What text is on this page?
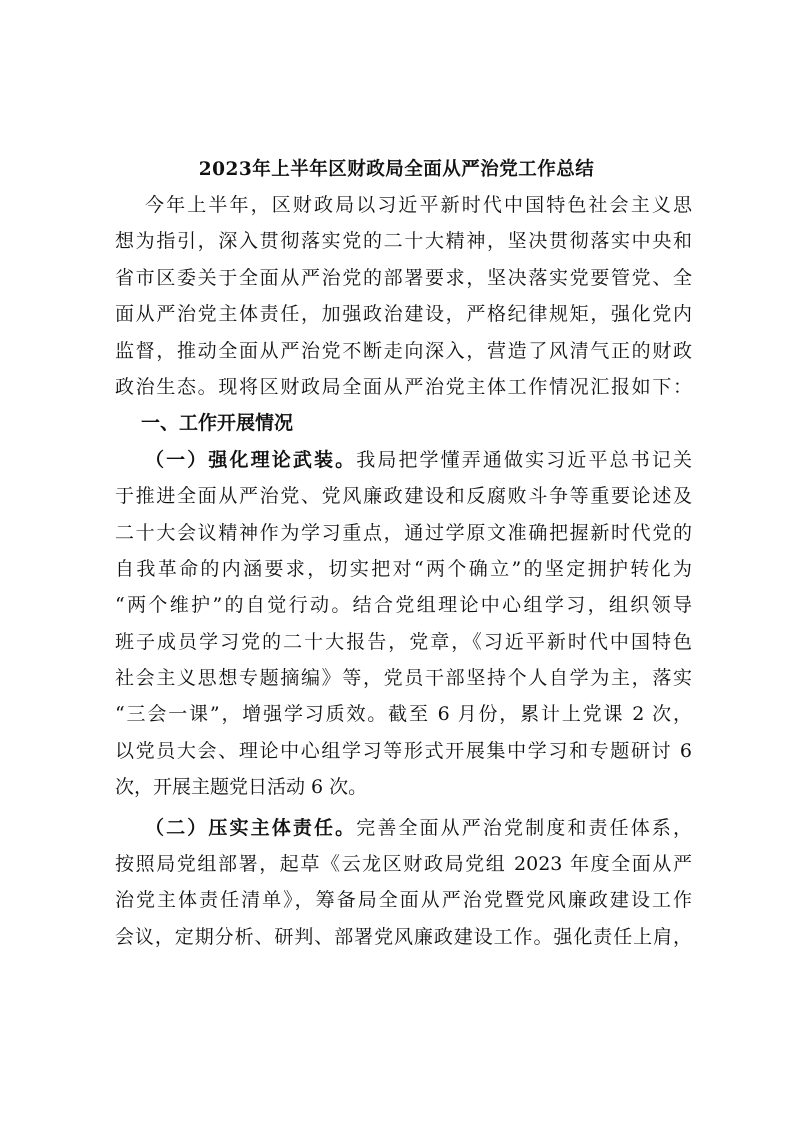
2023年上半年区财政局全面从严治党工作总结
今年上半年，区财政局以习近平新时代中国特色社会主义思
想为指引，深入贯彻落实党的二十大精神，坚决贯彻落实中央和
省市区委关于全面从严治党的部署要求，坚决落实党要管党、全
面从严治党主体责任，加强政治建设，严格纪律规矩，强化党内
监督，推动全面从严治党不断走向深入，营造了风清气正的财政
政治生态。现将区财政局全面从严治党主体工作情况汇报如下：
一、工作开展情况
（一）强化理论武装。我局把学懂弄通做实习近平总书记关
于推进全面从严治党、党风廉政建设和反腐败斗争等重要论述及
二十大会议精神作为学习重点，通过学原文准确把握新时代党的
自我革命的内涵要求，切实把对“两个确立”的坚定拥护转化为
“两个维护”的自觉行动。结合党组理论中心组学习，组织领导
班子成员学习党的二十大报告，党章，《习近平新时代中国特色
社会主义思想专题摘编》等，党员干部坚持个人自学为主，落实
“三会一课”，增强学习质效。截至 6 月份，累计上党课 2 次，
以党员大会、理论中心组学习等形式开展集中学习和专题研讨 6
次，开展主题党日活动 6 次。
（二）压实主体责任。完善全面从严治党制度和责任体系，
按照局党组部署，起草《云龙区财政局党组 2023 年度全面从严
治党主体责任清单》，筹备局全面从严治党暨党风廉政建设工作
会议，定期分析、研判、部署党风廉政建设工作。强化责任上肩，
